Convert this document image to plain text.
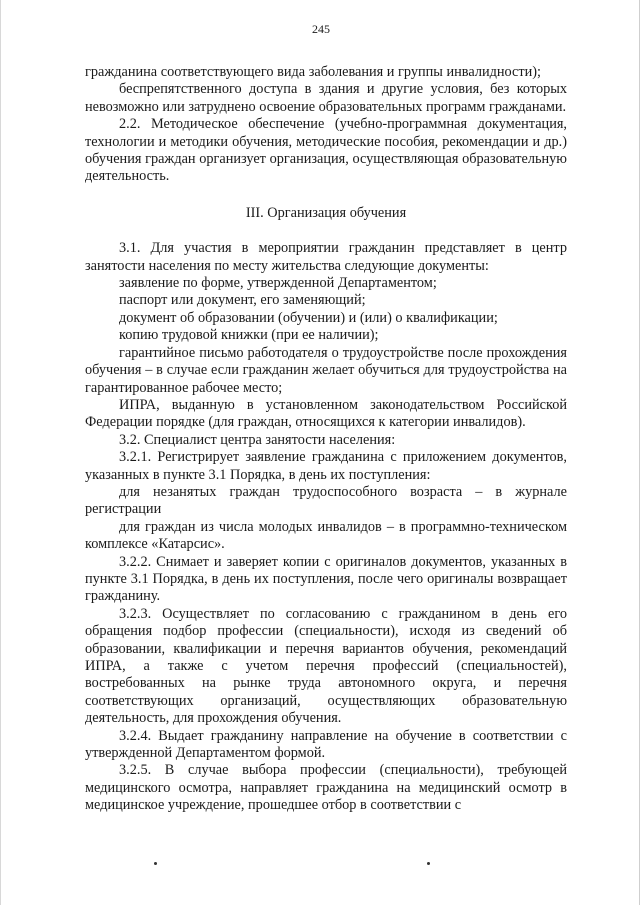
245

гражданина соответствующего вида заболевания и группы инвалидности);

беспрепятственного доступа в здания и другие условия, без которых невозможно или затруднено освоение образовательных программ гражданами.

2.2. Методическое обеспечение (учебно-программная документация, технологии и методики обучения, методические пособия, рекомендации и др.) обучения граждан организует организация, осуществляющая образовательную деятельность.

III. Организация обучения

3.1. Для участия в мероприятии гражданин представляет в центр занятости населения по месту жительства следующие документы:

заявление по форме, утвержденной Департаментом;

паспорт или документ, его заменяющий;

документ об образовании (обучении) и (или) о квалификации;

копию трудовой книжки (при ее наличии);

гарантийное письмо работодателя о трудоустройстве после прохождения обучения – в случае если гражданин желает обучиться для трудоустройства на гарантированное рабочее место;

ИПРА, выданную в установленном законодательством Российской Федерации порядке (для граждан, относящихся к категории инвалидов).

3.2. Специалист центра занятости населения:

3.2.1. Регистрирует заявление гражданина с приложением документов, указанных в пункте 3.1 Порядка, в день их поступления:

для незанятых граждан трудоспособного возраста – в журнале регистрации

для граждан из числа молодых инвалидов – в программно-техническом комплексе «Катарсис».

3.2.2. Снимает и заверяет копии с оригиналов документов, указанных в пункте 3.1 Порядка, в день их поступления, после чего оригиналы возвращает гражданину.

3.2.3. Осуществляет по согласованию с гражданином в день его обращения подбор профессии (специальности), исходя из сведений об образовании, квалификации и перечня вариантов обучения, рекомендаций ИПРА, а также с учетом перечня профессий (специальностей), востребованных на рынке труда автономного округа, и перечня соответствующих организаций, осуществляющих образовательную деятельность, для прохождения обучения.

3.2.4. Выдает гражданину направление на обучение в соответствии с утвержденной Департаментом формой.

3.2.5. В случае выбора профессии (специальности), требующей медицинского осмотра, направляет гражданина на медицинский осмотр в медицинское учреждение, прошедшее отбор в соответствии с
